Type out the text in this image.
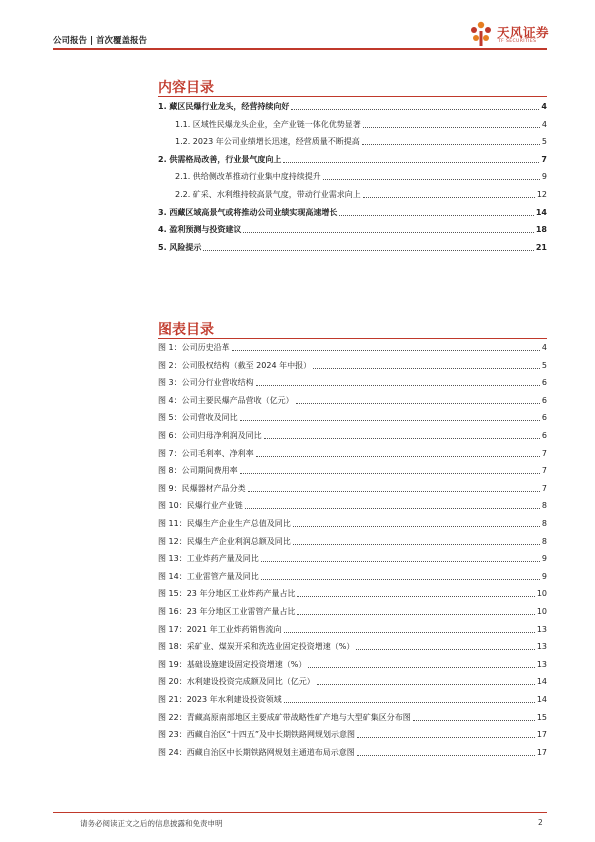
公司报告 | 首次覆盖报告
天风证券
TF SECURITIES
内容目录
1. 藏区民爆行业龙头，经营持续向好	4
1.1. 区域性民爆龙头企业，全产业链一体化优势显著	4
1.2. 2023 年公司业绩增长迅速，经营质量不断提高	5
2. 供需格局改善，行业景气度向上	7
2.1. 供给侧改革推动行业集中度持续提升	9
2.2. 矿采、水利维持较高景气度，带动行业需求向上	12
3. 西藏区域高景气或将推动公司业绩实现高速增长	14
4. 盈利预测与投资建议	18
5. 风险提示	21
图表目录
图 1：公司历史沿革	4
图 2：公司股权结构（截至 2024 年中报）	5
图 3：公司分行业营收结构	6
图 4：公司主要民爆产品营收（亿元）	6
图 5：公司营收及同比	6
图 6：公司归母净利润及同比	6
图 7：公司毛利率、净利率	7
图 8：公司期间费用率	7
图 9：民爆器材产品分类	7
图 10：民爆行业产业链	8
图 11：民爆生产企业生产总值及同比	8
图 12：民爆生产企业利润总额及同比	8
图 13：工业炸药产量及同比	9
图 14：工业雷管产量及同比	9
图 15：23 年分地区工业炸药产量占比	10
图 16：23 年分地区工业雷管产量占比	10
图 17：2021 年工业炸药销售流向	13
图 18：采矿业、煤炭开采和洗选业固定投资增速（%）	13
图 19：基础设施建设固定投资增速（%）	13
图 20：水利建设投资完成额及同比（亿元）	14
图 21：2023 年水利建设投资领域	14
图 22：青藏高原南部地区主要成矿带战略性矿产地与大型矿集区分布图	15
图 23：西藏自治区“十四五”及中长期铁路网规划示意图	17
图 24：西藏自治区中长期铁路网规划主通道布局示意图	17
请务必阅读正文之后的信息披露和免责申明	2
